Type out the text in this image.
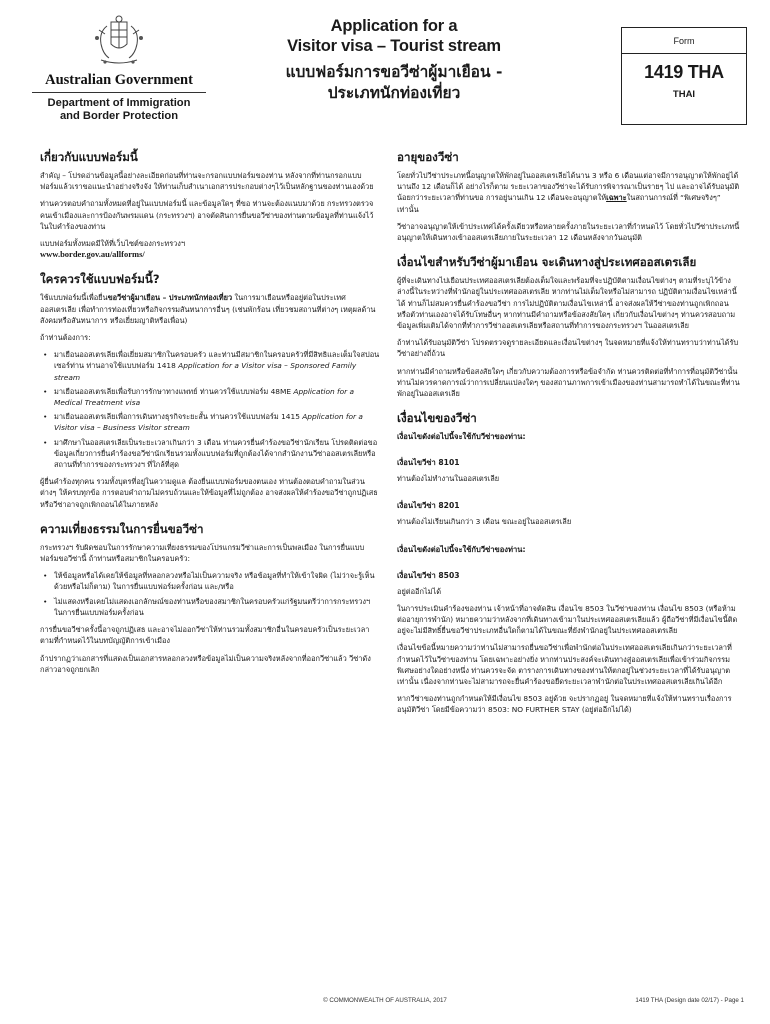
Australian Government
Department of Immigration
and Border Protection
Application for a
Visitor visa – Tourist stream
แบบฟอร์มการขอวีซ่าผู้มาเยือน -
ประเภทนักท่องเที่ยว
Form
1419 THA
THAI
เกี่ยวกับแบบฟอร์มนี้

สำคัญ – โปรดอ่านข้อมูลนี้อย่างละเอียดก่อนที่ท่านจะกรอกแบบฟอร์มของท่าน หลังจากที่ท่านกรอกแบบฟอร์มแล้วเราขอแนะนำอย่างจริงจัง ให้ท่านเก็บสำเนาเอกสารประกอบต่างๆไว้เป็นหลักฐานของท่านเองด้วย

ท่านควรตอบคำถามทั้งหมดที่อยู่ในแบบฟอร์มนี้ และข้อมูลใดๆ ที่ขอ ท่านจะต้องแนบมาด้วย กระทรวงตรวจคนเข้าเมืองและการป้องกันพรมแดน (กระทรวงฯ) อาจตัดสินการยื่นขอวีซ่าของท่านตามข้อมูลที่ท่านแจ้งไว้ในใบคำร้องของท่าน

แบบฟอร์มทั้งหมดมีให้ที่เว็บไซต์ของกระทรวงฯ
www.border.gov.au/allforms/

ใครควรใช้แบบฟอร์มนี้?

ใช้แบบฟอร์มนี้เพื่อยื่นขอวีซ่าผู้มาเยือน – ประเภทนักท่องเที่ยว ในการมาเยือนหรืออยู่ต่อในประเทศออสเตรเลีย เพื่อทำการท่องเที่ยวหรือกิจกรรมสันทนาการอื่นๆ (เช่นพักร้อน เที่ยวชมสถานที่ต่างๆ เหตุผลด้านสังคมหรือสันทนาการ หรือเยี่ยมญาติหรือเพื่อน)

ถ้าท่านต้องการ:

• มาเยือนออสเตรเลียเพื่อเยี่ยมสมาชิกในครอบครัว และท่านมีสมาชิกในครอบครัวที่มีสิทธิและเต็มใจสปอนเซอร์ท่าน ท่านอาจใช้แบบฟอร์ม 1418 Application for a Visitor visa – Sponsored Family stream
• มาเยือนออสเตรเลียเพื่อรับการรักษาทางแพทย์ ท่านควรใช้แบบฟอร์ม 48ME Application for a Medical Treatment visa
• มาเยือนออสเตรเลียเพื่อการเดินทางธุรกิจระยะสั้น ท่านควรใช้แบบฟอร์ม 1415 Application for a Visitor visa – Business Visitor stream
• มาศึกษาในออสเตรเลียเป็นระยะเวลาเกินกว่า 3 เดือน ท่านควรยื่นคำร้องขอวีซ่านักเรียน โปรดติดต่อขอข้อมูลเกี่ยวการยื่นคำร้องขอวีซ่านักเรียนรวมทั้งแบบฟอร์มที่ถูกต้องได้จากสำนักงานวีซ่าออสเตรเลียหรือสถานที่ทำการของกระทรวงฯ ที่ใกล้ที่สุด

ผู้ยื่นคำร้องทุกคน รวมทั้งบุตรที่อยู่ในความดูแล ต้องยื่นแบบฟอร์มของตนเอง ท่านต้องตอบคำถามในส่วนต่างๆ ให้ครบทุกข้อ การตอบคำถามไม่ครบถ้วนและให้ข้อมูลที่ไม่ถูกต้อง อาจส่งผลให้คำร้องขอวีซ่าถูกปฏิเสธ หรือวีซ่าอาจถูกเพิกถอนได้ในภายหลัง

ความเที่ยงธรรมในการยื่นขอวีซ่า

กระทรวงฯ รับผิดชอบในการรักษาความเที่ยงธรรมของโปรแกรมวีซ่าและการเป็นพลเมือง ในการยื่นแบบฟอร์มขอวีซ่านี้ ถ้าท่านหรือสมาชิกในครอบครัว:

• ให้ข้อมูลหรือได้เคยให้ข้อมูลที่หลอกลวงหรือไม่เป็นความจริง หรือข้อมูลที่ทำให้เข้าใจผิด (ไม่ว่าจะรู้เห็นด้วยหรือไม่ก็ตาม) ในการยื่นแบบฟอร์มครั้งก่อน และ/หรือ
• ไม่แสดงหรือเคยไม่แสดงเอกลักษณ์ของท่านหรือของสมาชิกในครอบครัวแก่รัฐมนตรีว่าการกระทรวงฯ ในการยื่นแบบฟอร์มครั้งก่อน

การยื่นขอวีซ่าครั้งนี้อาจถูกปฏิเสธ และอาจไม่ออกวีซ่าให้ท่านรวมทั้งสมาชิกอื่นในครอบครัวเป็นระยะเวลาตามที่กำหนดไว้ในบทบัญญัติการเข้าเมือง

ถ้าปรากฏว่าเอกสารที่แสดงเป็นเอกสารหลอกลวงหรือข้อมูลไม่เป็นความจริงหลังจากที่ออกวีซ่าแล้ว วีซ่าดังกล่าวอาจถูกยกเลิก

อายุของวีซ่า

โดยทั่วไปวีซ่าประเภทนี้อนุญาตให้พักอยู่ในออสเตรเลียได้นาน 3 หรือ 6 เดือนแต่อาจมีการอนุญาตให้พักอยู่ได้นานถึง 12 เดือนก็ได้ อย่างไรก็ตาม ระยะเวลาของวีซ่าจะได้รับการพิจารณาเป็นรายๆ ไป และอาจได้รับอนุมัติน้อยกว่าระยะเวลาที่ท่านขอ การอยู่นานเกิน 12 เดือนจะอนุญาตให้เฉพาะในสถานการณ์ที่ “พิเศษจริงๆ” เท่านั้น

วีซ่าอาจอนุญาตให้เข้าประเทศได้ครั้งเดียวหรือหลายครั้งภายในระยะเวลาที่กำหนดไว้ โดยทั่วไปวีซ่าประเภทนี้อนุญาตให้เดินทางเข้าออสเตรเลียภายในระยะเวลา 12 เดือนหลังจากวันอนุมัติ

เงื่อนไขสำหรับวีซ่าผู้มาเยือน จะเดินทางสู่ประเทศออสเตรเลีย

ผู้ที่จะเดินทางไปเยือนประเทศออสเตรเลียต้องเต็มใจและพร้อมที่จะปฏิบัติตามเงื่อนไขต่างๆ ตามที่ระบุไว้ข้างล่างนี้ในระหว่างที่พำนักอยู่ในประเทศออสเตรเลีย หากท่านไม่เต็มใจหรือไม่สามารถ ปฏิบัติตามเงื่อนไขเหล่านี้ได้ ท่านก็ไม่สมควรยื่นคำร้องขอวีซ่า การไม่ปฏิบัติตามเงื่อนไขเหล่านี้ อาจส่งผลให้วีซ่าของท่านถูกเพิกถอน หรือตัวท่านเองอาจได้รับโทษอื่นๆ หากท่านมีคำถามหรือข้อสงสัยใดๆ เกี่ยวกับเงื่อนไขต่างๆ ท่านควรสอบถามข้อมูลเพิ่มเติมได้จากที่ทำการวีซ่าออสเตรเลียหรือสถานที่ทำการของกระทรวงฯ ในออสเตรเลีย

ถ้าท่านได้รับอนุมัติวีซ่า โปรดตรวจดูรายละเอียดและเงื่อนไขต่างๆ ในจดหมายที่แจ้งให้ท่านทราบว่าท่านได้รับวีซ่าอย่างถี่ถ้วน

หากท่านมีคำถามหรือข้อสงสัยใดๆ เกี่ยวกับความต้องการหรือข้อจำกัด ท่านควรติดต่อที่ทำการที่อนุมัติวีซ่านั้น ท่านไม่ควรคาดการณ์ว่าการเปลี่ยนแปลงใดๆ ของสถานภาพการเข้าเมืองของท่านสามารถทำได้ในขณะที่ท่านพักอยู่ในออสเตรเลีย

เงื่อนไขของวีซ่า
เงื่อนไขดังต่อไปนี้จะใช้กับวีซ่าของท่าน:
เงื่อนไขวีซ่า 8101

ท่านต้องไม่ทำงานในออสเตรเลีย

เงื่อนไขวีซ่า 8201

ท่านต้องไม่เรียนเกินกว่า 3 เดือน ขณะอยู่ในออสเตรเลีย

เงื่อนไขดังต่อไปนี้จะใช้กับวีซ่าของท่าน:
เงื่อนไขวีซ่า 8503

อยู่ต่ออีกไม่ได้

ในการประเมินคำร้องของท่าน เจ้าหน้าที่อาจตัดสิน เงื่อนไข 8503 ในวีซ่าของท่าน เงื่อนไข 8503 (หรือห้ามต่ออายุการพำนัก) หมายความว่าหลังจากที่เดินทางเข้ามาในประเทศออสเตรเลียแล้ว ผู้ถือวีซ่าที่มีเงื่อนไขนี้ติดอยู่จะไม่มีสิทธิ์ยื่นขอวีซ่าประเภทอื่นใดก็ตามได้ในขณะที่ยังพำนักอยู่ในประเทศออสเตรเลีย

เงื่อนไขข้อนี้หมายความว่าท่านไม่สามารถยื่นขอวีซ่าเพื่อพำนักต่อในประเทศออสเตรเลียเกินกว่าระยะเวลาที่กำหนดไว้ในวีซ่าของท่าน โดยเฉพาะอย่างยิ่ง หากท่านประสงค์จะเดินทางสู่ออสเตรเลียเพื่อเข้าร่วมกิจกรรมพิเศษอย่างใดอย่างหนึ่ง ท่านควรจะจัด ตารางการเดินทางของท่านให้ตกอยู่ในช่วงระยะเวลาที่ได้รับอนุญาตเท่านั้น เนื่องจากท่านจะไม่สามารถจะยื่นคำร้องขอยืดระยะเวลาพำนักต่อในประเทศออสเตรเลียเกินได้อีก

หากวีซ่าของท่านถูกกำหนดให้มีเงื่อนไข 8503 อยู่ด้วย จะปรากฏอยู่ ในจดหมายที่แจ้งให้ท่านทราบเรื่องการอนุมัติวีซ่า โดยมีข้อความว่า 8503: NO FURTHER STAY (อยู่ต่ออีกไม่ได้)

© COMMONWEALTH OF AUSTRALIA, 2017	1419 THA (Design date 02/17) - Page 1
